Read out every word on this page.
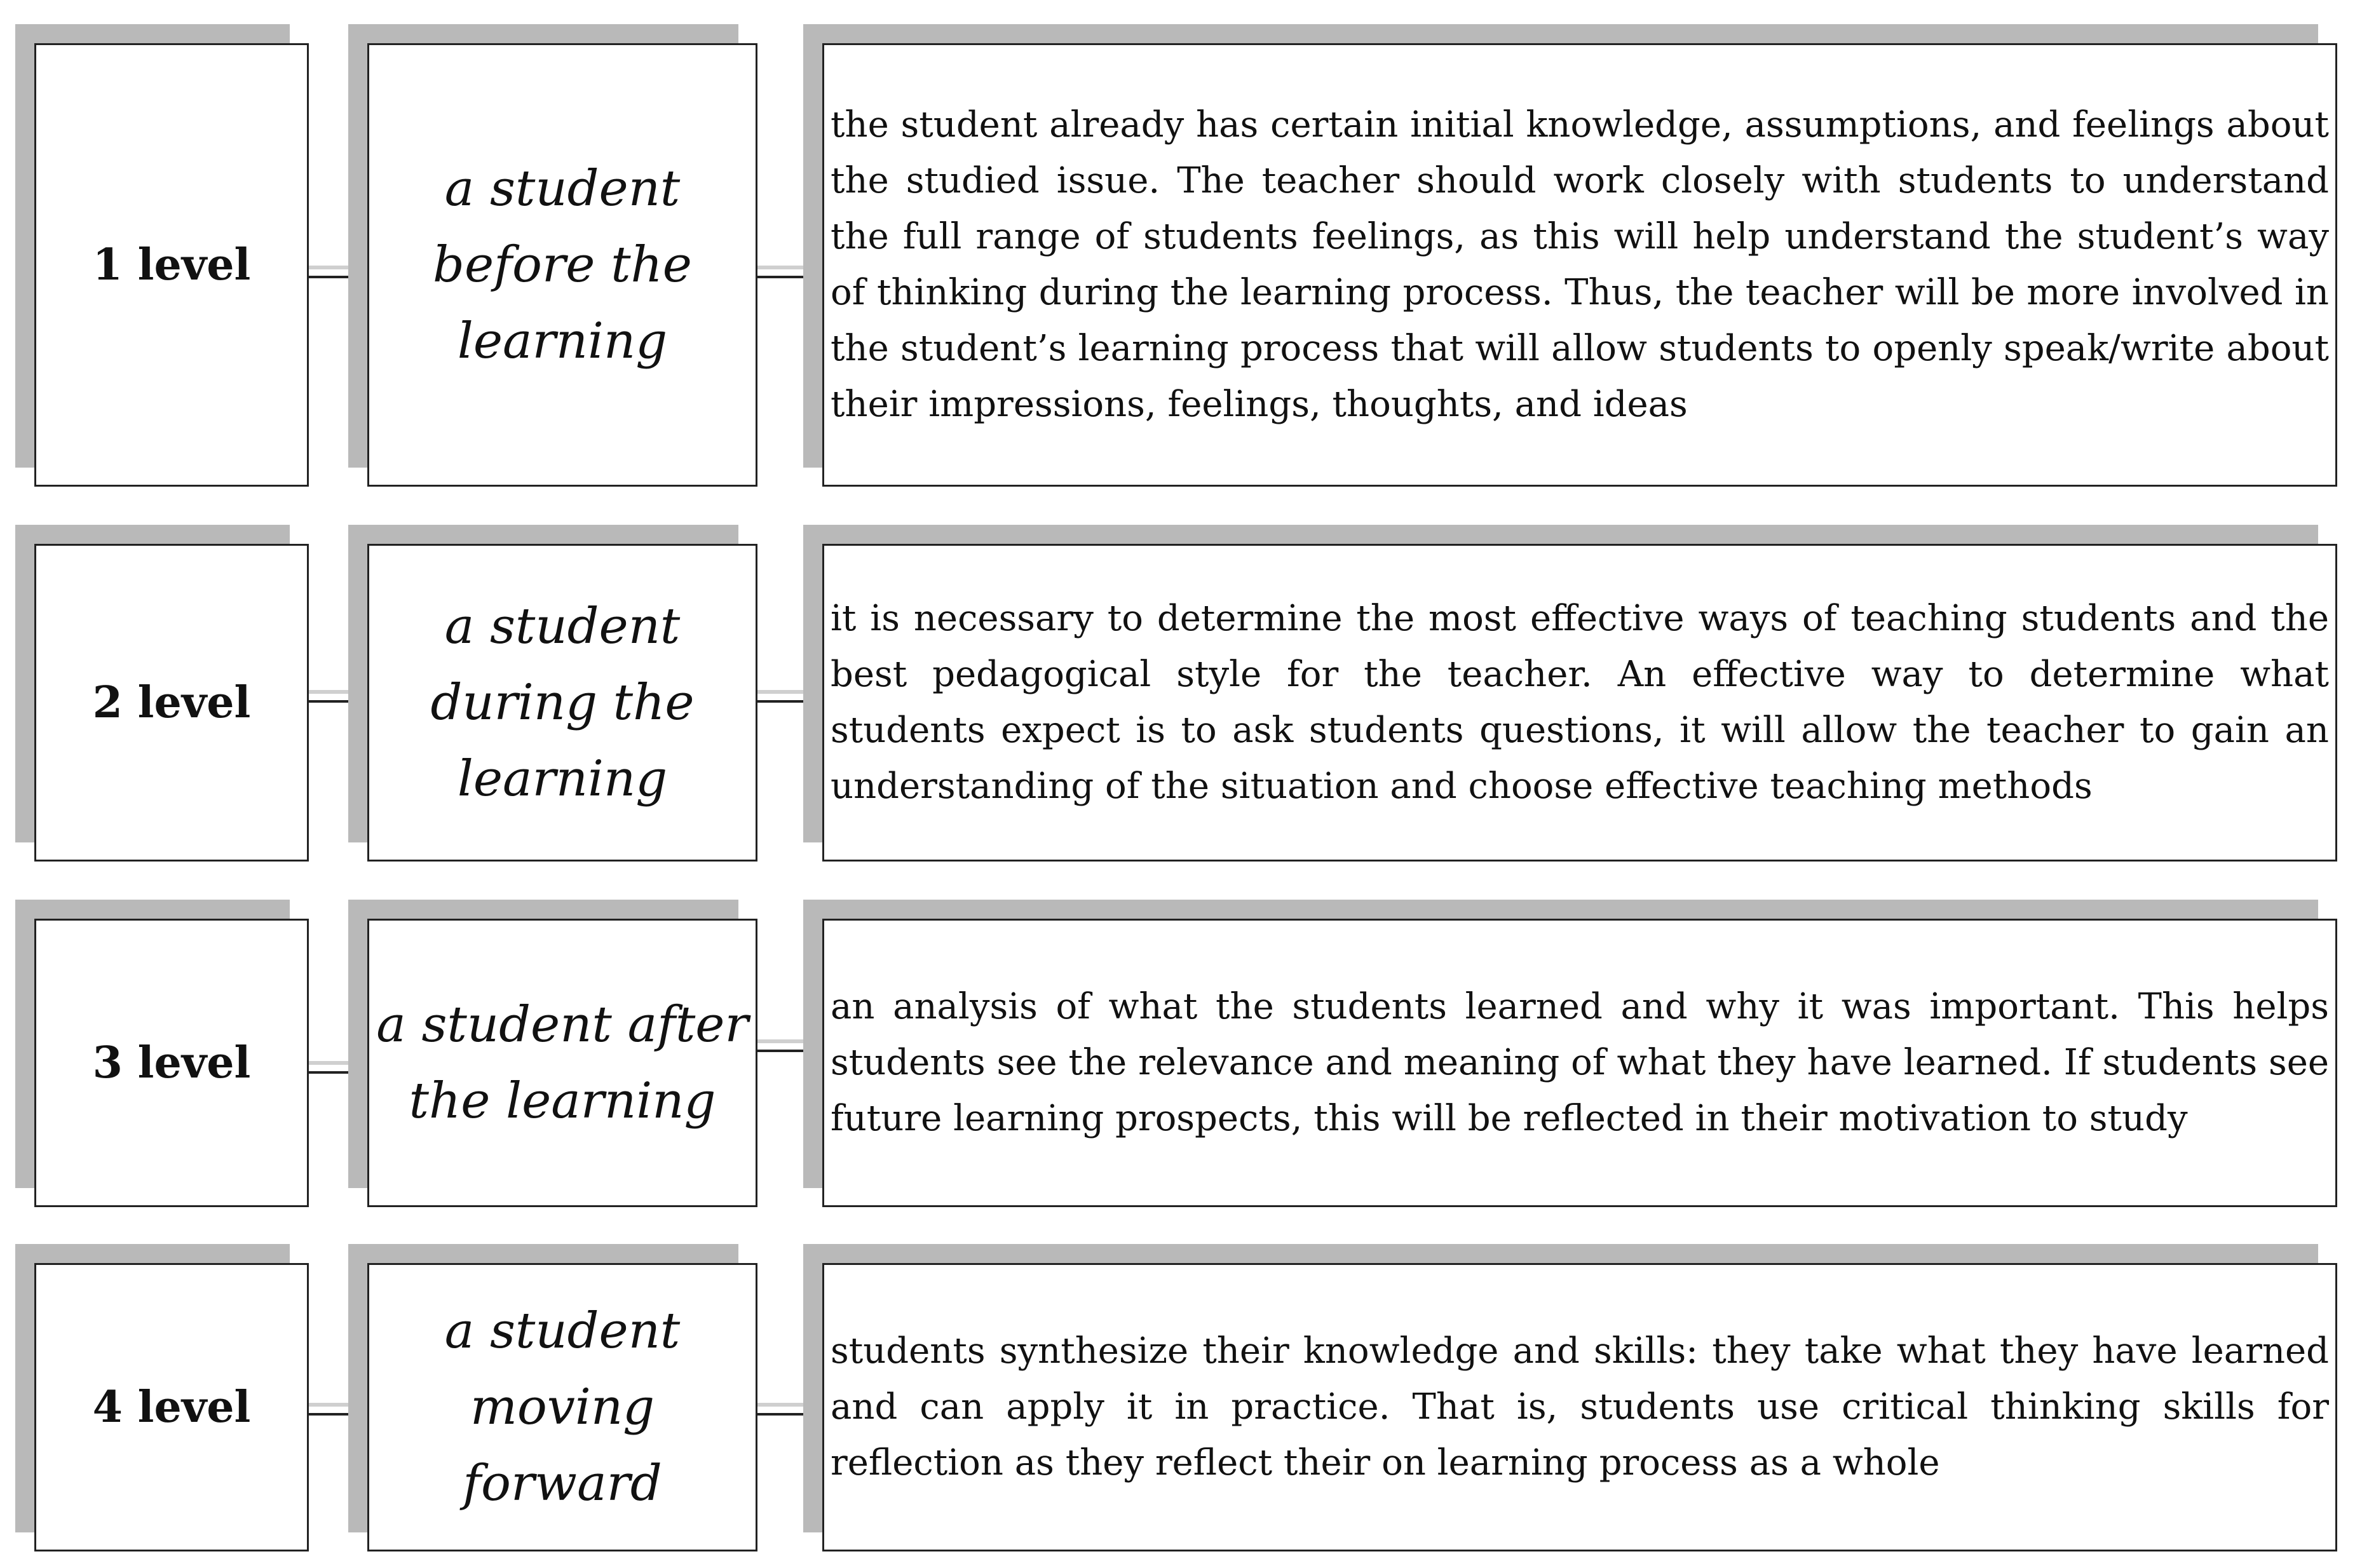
1 level
a student before the learning
the student already has certain initial knowledge, assumptions, and feelings about the studied issue. The teacher should work closely with students to understand the full range of students feelings, as this will help understand the student’s way of thinking during the learning process. Thus, the teacher will be more involved in the student’s learning process that will allow students to openly speak/write about their impressions, feelings, thoughts, and ideas
2 level
a student during the learning
it is necessary to determine the most effective ways of teaching students and the best pedagogical style for the teacher. An effective way to determine what students expect is to ask students questions, it will allow the teacher to gain an understanding of the situation and choose effective teaching methods
3 level
a student after the learning
an analysis of what the students learned and why it was important. This helps students see the relevance and meaning of what they have learned. If students see future learning prospects, this will be reflected in their motivation to study
4 level
a student moving forward
students synthesize their knowledge and skills: they take what they have learned and can apply it in practice. That is, students use critical thinking skills for reflection as they reflect their on learning process as a whole
